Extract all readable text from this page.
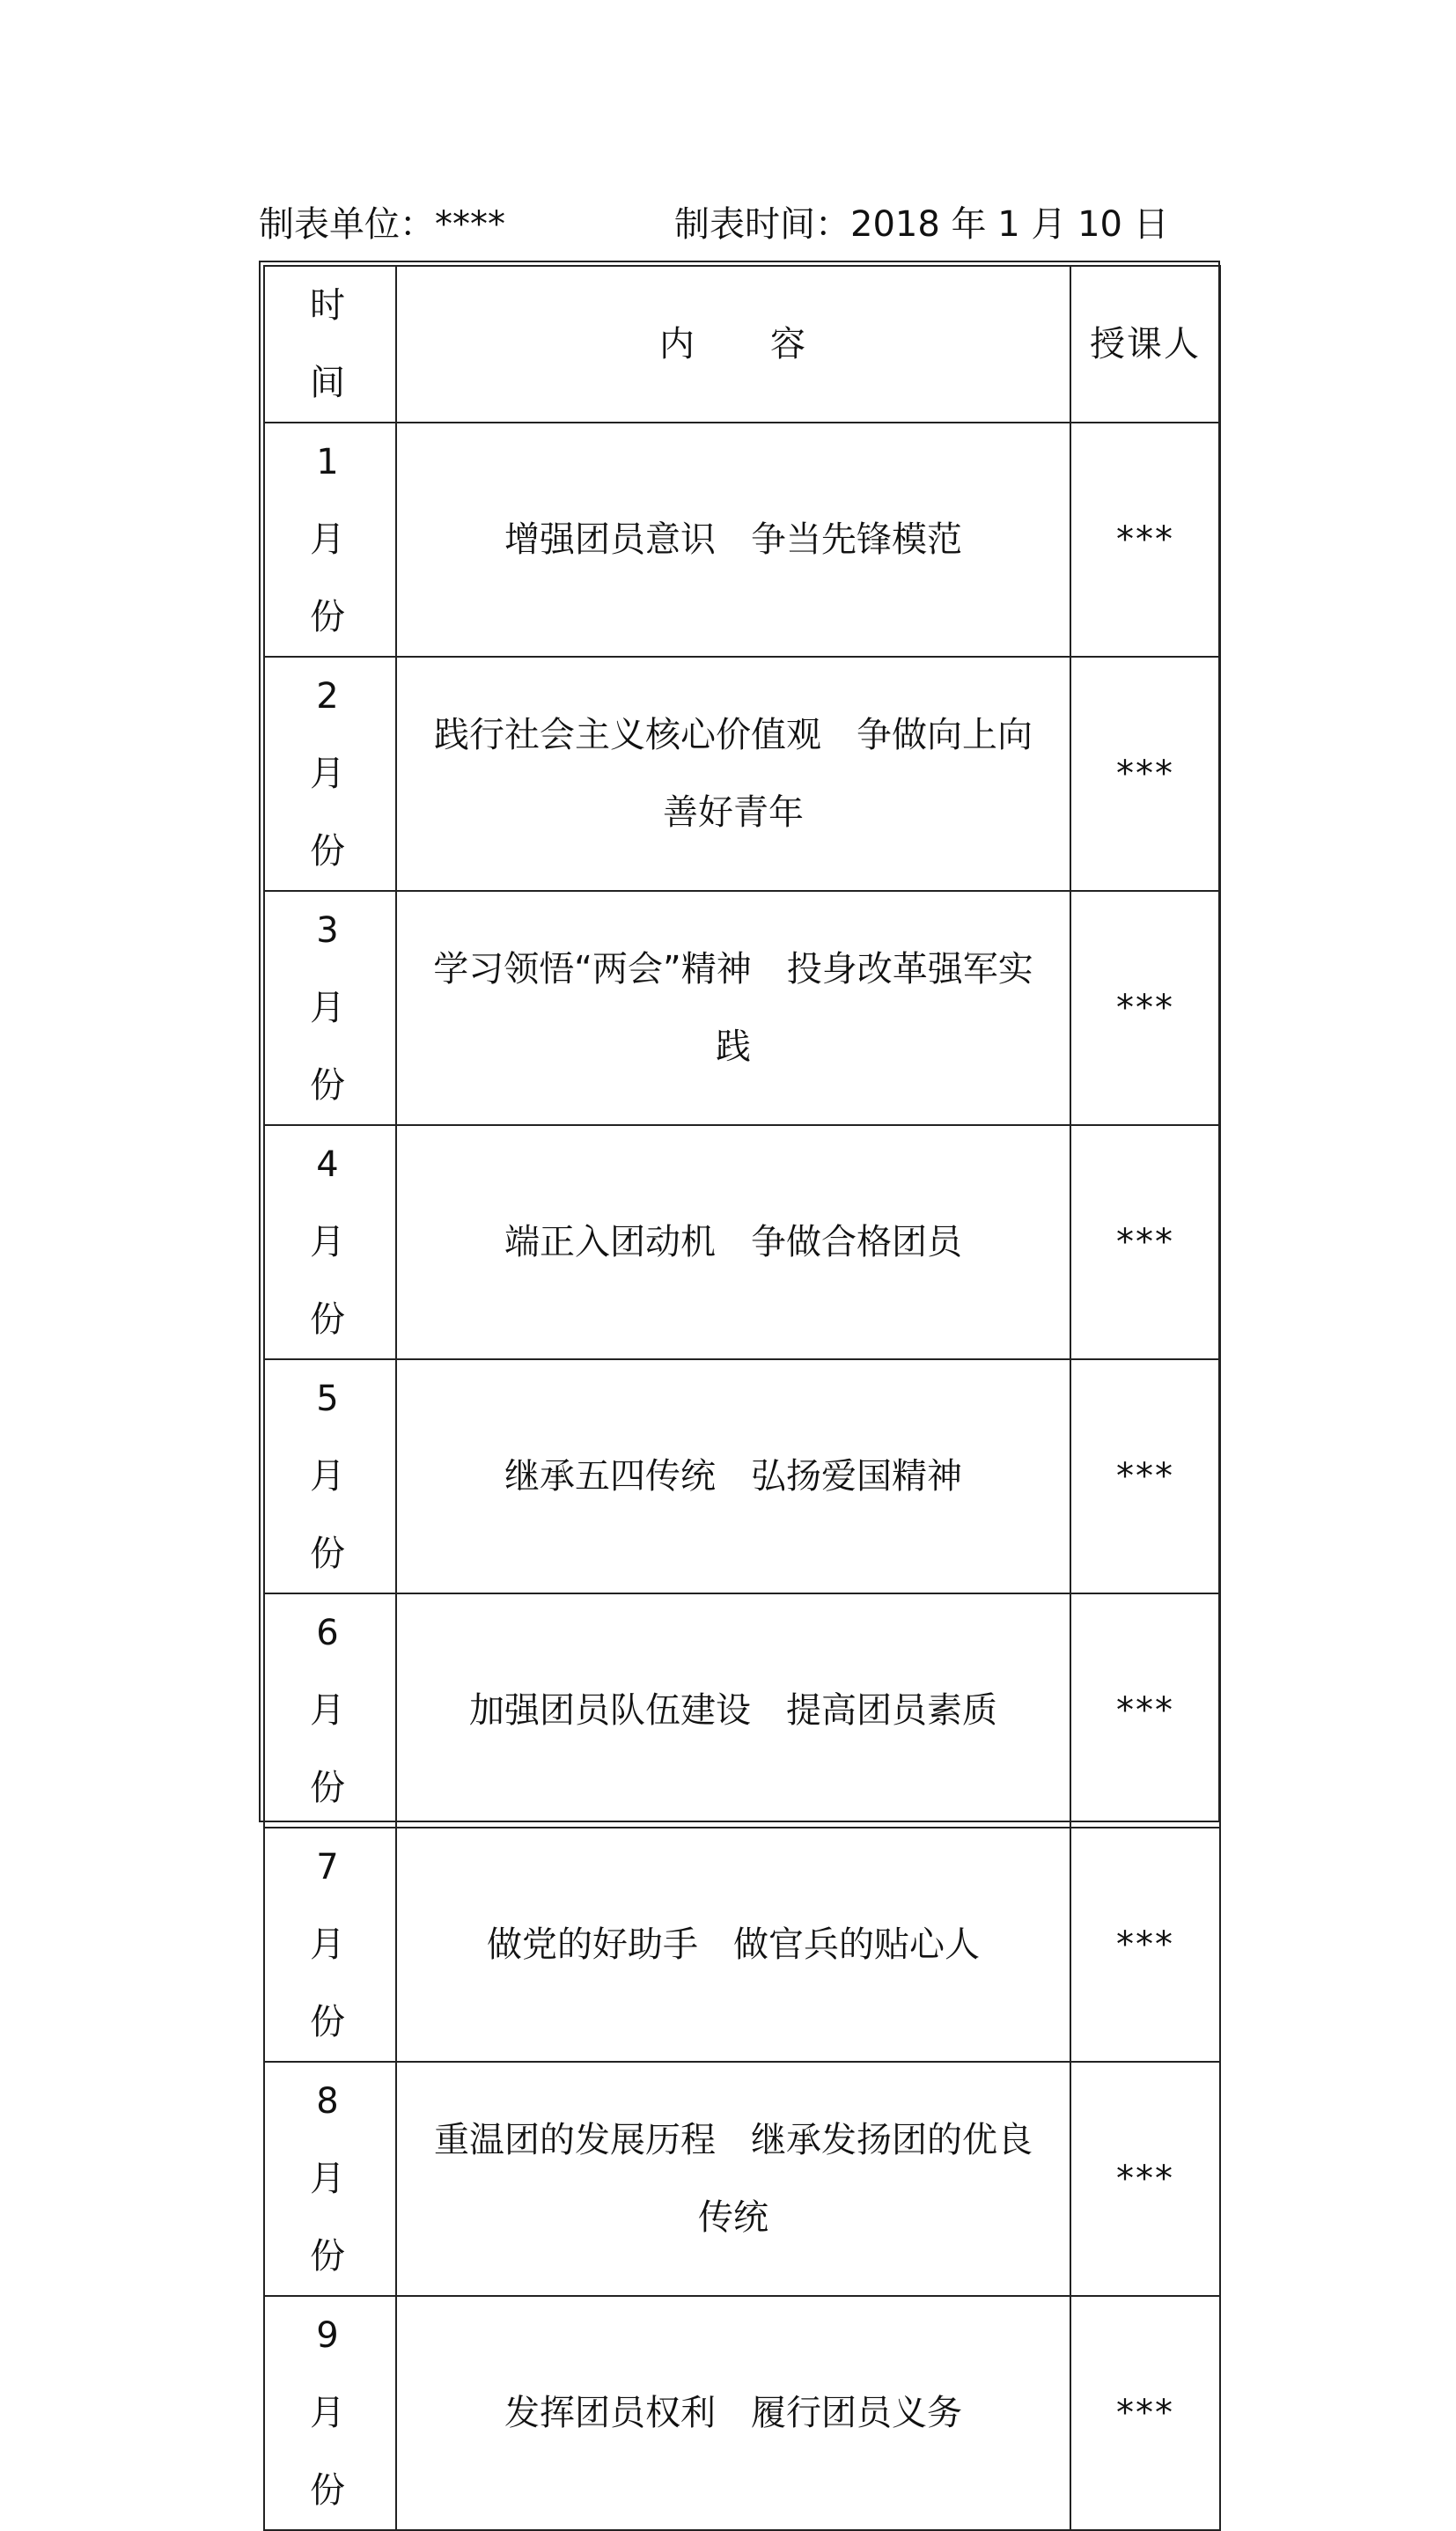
制表单位：****	制表时间：2018 年 1 月 10 日
时间	内　　容	授课人
1 月份	增强团员意识　争当先锋模范	***
2 月份	践行社会主义核心价值观　争做向上向善好青年	***
3 月份	学习领悟“两会”精神　投身改革强军实践	***
4 月份	端正入团动机　争做合格团员	***
5 月份	继承五四传统　弘扬爱国精神	***
6 月份	加强团员队伍建设　提高团员素质	***
7 月份	做党的好助手　做官兵的贴心人	***
8 月份	重温团的发展历程　继承发扬团的优良传统	***
9 月份	发挥团员权利　履行团员义务	***
